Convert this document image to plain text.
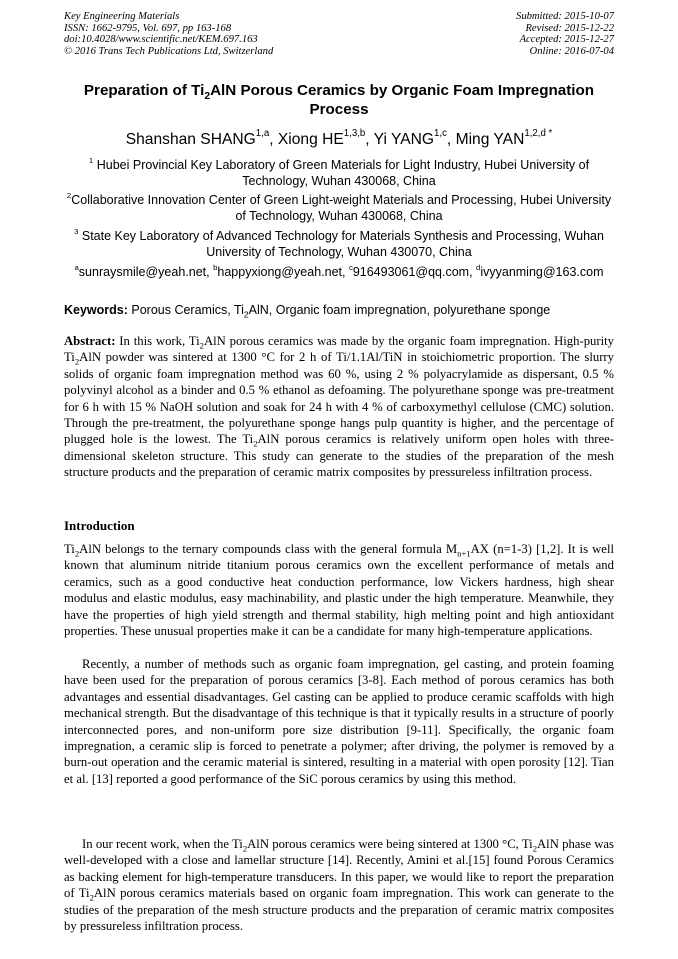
Key Engineering Materials
ISSN: 1662-9795, Vol. 697, pp 163-168
doi:10.4028/www.scientific.net/KEM.697.163
© 2016 Trans Tech Publications Ltd, Switzerland
Submitted: 2015-10-07
Revised: 2015-12-22
Accepted: 2015-12-27
Online: 2016-07-04
Preparation of $Ti_2AlN$ Porous Ceramics by Organic Foam Impregnation Process
Shanshan SHANG$^{1,a}$, Xiong HE$^{1,3,b}$, Yi YANG$^{1,c}$, Ming $YAN^{1,2,d *}$
$^1$ Hubei Provincial Key Laboratory of Green Materials for Light Industry, Hubei University of Technology, Wuhan 430068, China
$^2$Collaborative Innovation Center of Green Light-weight Materials and Processing, Hubei University of Technology, Wuhan 430068, China
$^3$ State Key Laboratory of Advanced Technology for Materials Synthesis and Processing, Wuhan University of Technology, Wuhan 430070, China
$^a$sunraysmile@yeah.net, $^b$happyxiong@yeah.net, $^c$916493061@qq.com, $^d$ivyyanming@163.com
Keywords: Porous Ceramics, $Ti_2AlN$, Organic foam impregnation, polyurethane sponge
Abstract: In this work, $Ti_2AlN$ porous ceramics was made by the organic foam impregnation. High-purity $Ti_2AlN$ powder was sintered at 1300 °C for 2 h of Ti/1.1Al/TiN in stoichiometric proportion. The slurry solids of organic foam impregnation method was 60 %, using 2 % polyacrylamide as dispersant, 0.5 % polyvinyl alcohol as a binder and 0.5 % ethanol as defoaming. The polyurethane sponge was pre-treatment for 6 h with 15 % NaOH solution and soak for 24 h with 4 % of carboxymethyl cellulose (CMC) solution. Through the pre-treatment, the polyurethane sponge hangs pulp quantity is higher, and the percentage of plugged hole is the lowest. The $Ti_2AlN$ porous ceramics is relatively uniform open holes with three-dimensional skeleton structure. This study can generate to the studies of the preparation of the mesh structure products and the preparation of ceramic matrix composites by pressureless infiltration process.
Introduction

$Ti_2AlN$ belongs to the ternary compounds class with the general formula $M_{n+1}AX$ (n=1-3) [1,2]. It is well known that aluminum nitride titanium porous ceramics own the excellent performance of metals and ceramics, such as a good conductive heat conduction performance, low Vickers hardness, high shear modulus and elastic modulus, easy machinability, and plastic under the high temperature. Meanwhile, they have the properties of high yield strength and thermal stability, high melting point and high antioxidant properties. These unusual properties make it can be a candidate for many high-temperature applications.

Recently, a number of methods such as organic foam impregnation, gel casting, and protein foaming have been used for the preparation of porous ceramics [3-8]. Each method of porous ceramics has both advantages and essential disadvantages. Gel casting can be applied to produce ceramic scaffolds with high mechanical strength. But the disadvantage of this technique is that it typically results in a structure of poorly interconnected pores, and non-uniform pore size distribution [9-11]. Specifically, the organic foam impregnation, a ceramic slip is forced to penetrate a polymer; after driving, the polymer is removed by a burn-out operation and the ceramic material is sintered, resulting in a material with open porosity [12]. Tian et al. [13] reported a good performance of the SiC porous ceramics by using this method.

In our recent work, when the $Ti_2AlN$ porous ceramics were being sintered at 1300 °C, $Ti_2AlN$ phase was well-developed with a close and lamellar structure [14]. Recently, Amini et al.[15] found Porous Ceramics as backing element for high-temperature transducers. In this paper, we would like to report the preparation of $Ti_2AlN$ porous ceramics materials based on organic foam impregnation. This work can generate to the studies of the preparation of the mesh structure products and the preparation of ceramic matrix composites by pressureless infiltration process.
